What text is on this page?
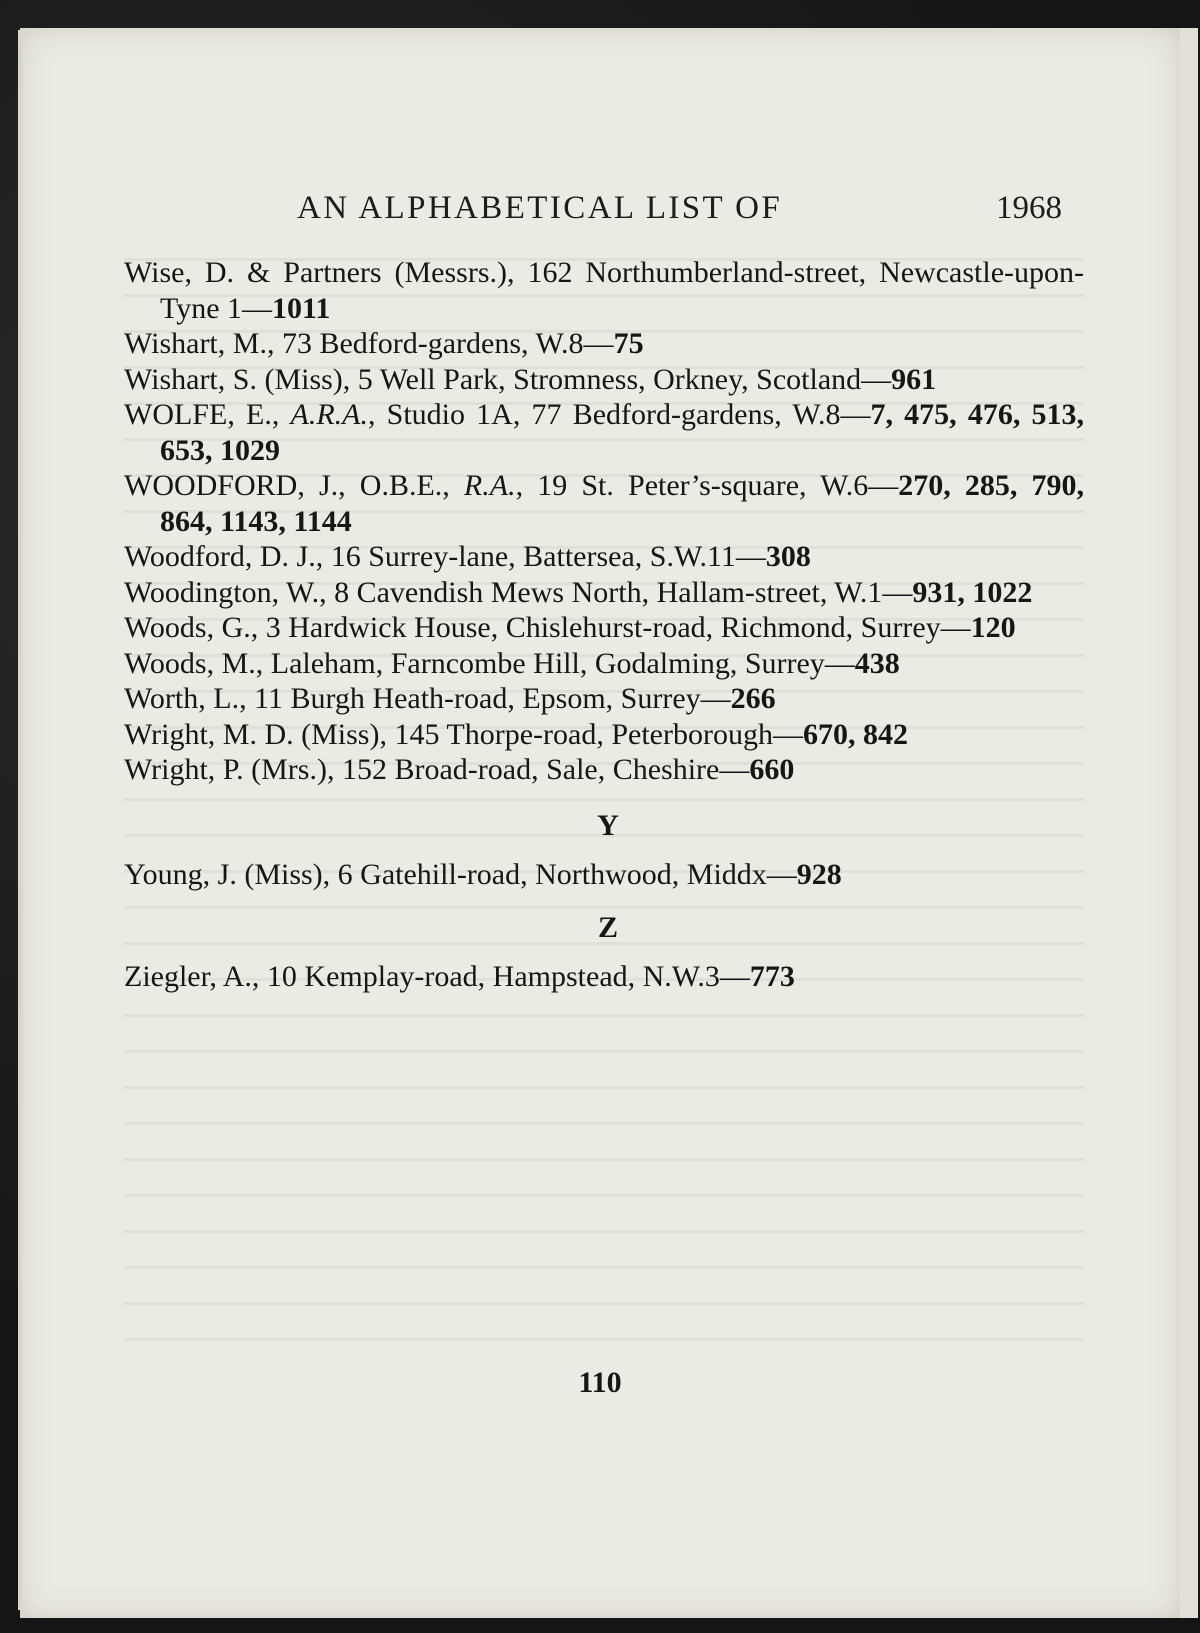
AN ALPHABETICAL LIST OF	1968

Wise, D. & Partners (Messrs.), 162 Northumberland-street, Newcastle-upon-Tyne 1—1011

Wishart, M., 73 Bedford-gardens, W.8—75

Wishart, S. (Miss), 5 Well Park, Stromness, Orkney, Scotland—961

WOLFE, E., A.R.A., Studio 1A, 77 Bedford-gardens, W.8—7, 475, 476, 513, 653, 1029

WOODFORD, J., O.B.E., R.A., 19 St. Peter’s-square, W.6—270, 285, 790, 864, 1143, 1144

Woodford, D. J., 16 Surrey-lane, Battersea, S.W.11—308

Woodington, W., 8 Cavendish Mews North, Hallam-street, W.1—931, 1022

Woods, G., 3 Hardwick House, Chislehurst-road, Richmond, Surrey—120

Woods, M., Laleham, Farncombe Hill, Godalming, Surrey—438

Worth, L., 11 Burgh Heath-road, Epsom, Surrey—266

Wright, M. D. (Miss), 145 Thorpe-road, Peterborough—670, 842

Wright, P. (Mrs.), 152 Broad-road, Sale, Cheshire—660

Y

Young, J. (Miss), 6 Gatehill-road, Northwood, Middx—928

Z

Ziegler, A., 10 Kemplay-road, Hampstead, N.W.3—773

110
